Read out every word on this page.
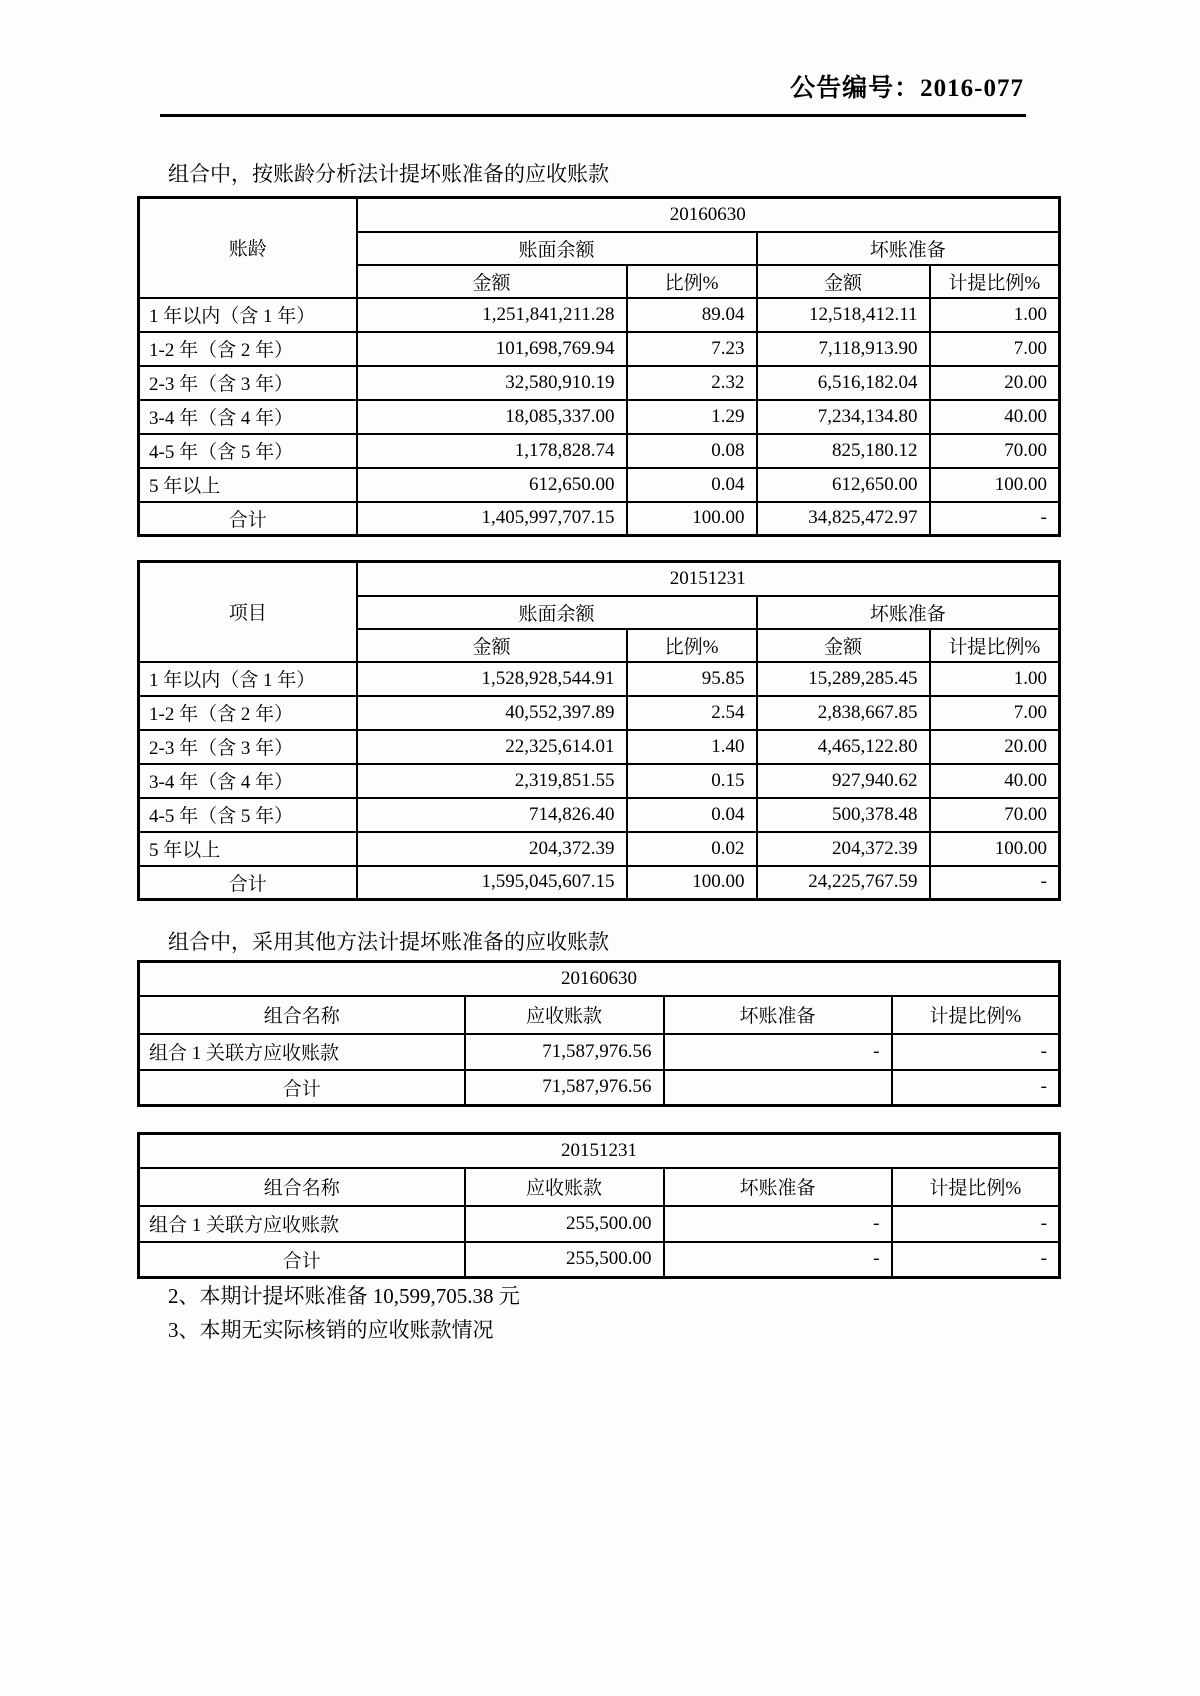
公告编号：2016-077
组合中，按账龄分析法计提坏账准备的应收账款
账龄	20160630			
	账面余额		坏账准备	
	金额	比例%	金额	计提比例%
1 年以内（含 1 年）	1,251,841,211.28	89.04	12,518,412.11	1.00
1-2 年（含 2 年）	101,698,769.94	7.23	7,118,913.90	7.00
2-3 年（含 3 年）	32,580,910.19	2.32	6,516,182.04	20.00
3-4 年（含 4 年）	18,085,337.00	1.29	7,234,134.80	40.00
4-5 年（含 5 年）	1,178,828.74	0.08	825,180.12	70.00
5 年以上	612,650.00	0.04	612,650.00	100.00
合计	1,405,997,707.15	100.00	34,825,472.97	-
项目	20151231			
	账面余额		坏账准备	
	金额	比例%	金额	计提比例%
1 年以内（含 1 年）	1,528,928,544.91	95.85	15,289,285.45	1.00
1-2 年（含 2 年）	40,552,397.89	2.54	2,838,667.85	7.00
2-3 年（含 3 年）	22,325,614.01	1.40	4,465,122.80	20.00
3-4 年（含 4 年）	2,319,851.55	0.15	927,940.62	40.00
4-5 年（含 5 年）	714,826.40	0.04	500,378.48	70.00
5 年以上	204,372.39	0.02	204,372.39	100.00
合计	1,595,045,607.15	100.00	24,225,767.59	-
组合中，采用其他方法计提坏账准备的应收账款
20160630			
组合名称	应收账款	坏账准备	计提比例%
组合 1 关联方应收账款	71,587,976.56	-	-
合计	71,587,976.56		-
20151231			
组合名称	应收账款	坏账准备	计提比例%
组合 1 关联方应收账款	255,500.00	-	-
合计	255,500.00	-	-
2、本期计提坏账准备 10,599,705.38 元
3、本期无实际核销的应收账款情况
